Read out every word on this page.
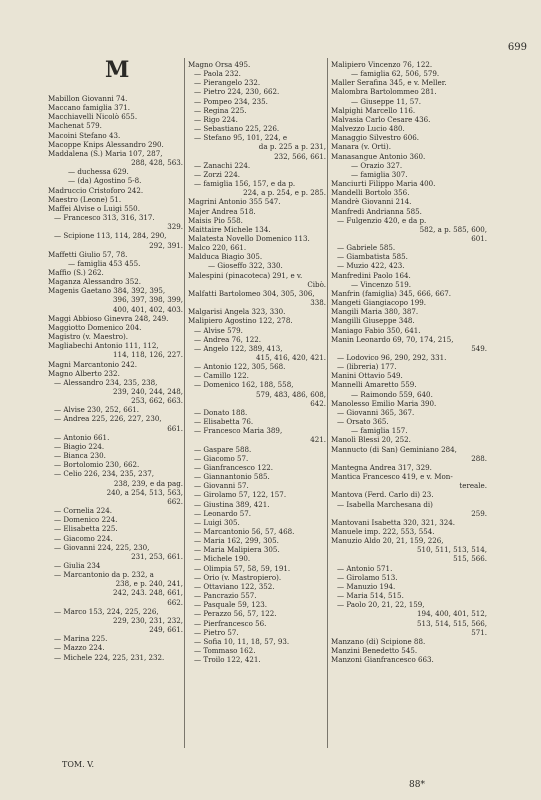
699
M
Mabillon Giovanni 74.
Maccano famiglia 371.
Macchiavelli Nicolò 655.
Machenat 579.
Macoini Stefano 43.
Macoppe Knips Alessandro 290.
Maddalena (S.) Maria 107, 287,
288, 428, 563.
— duchessa 629.
— (da) Agostino 5‑8.
Madruccio Cristoforo 242.
Maestro (Leone) 51.
Maffei Alvise o Luigi 550.
— Francesco 313, 316, 317.
329.
— Scipione 113, 114, 284, 290,
292, 391.
Maffetti Giulio 57, 78.
— famiglia 453 455.
Maffio (S.) 262.
Maganza Alessandro 352.
Magenis Gaetano 384, 392, 395,
396, 397, 398, 399,
400, 401, 402, 403.
Maggi Abbioso Ginevra 248, 249.
Maggiotto Domenico 204.
Magistro (v. Maestro).
Magliabechi Antonio 111, 112,
114, 118, 126, 227.
Magni Marcantonio 242.
Magno Alberto 232.
— Alessandro 234, 235, 238,
239, 240, 244, 248,
253, 662, 663.
— Alvise 230, 252, 661.
— Andrea 225, 226, 227, 230,
661.
— Antonio 661.
— Biagio 224.
— Bianca 230.
— Bortolomio 230, 662.
— Celio 226, 234, 235, 237,
238, 239, e da pag.
240, a 254, 513, 563,
662.
— Cornelia 224.
— Domenico 224.
— Elisabetta 225.
— Giacomo 224.
— Giovanni 224, 225, 230,
231, 253, 661.
— Giulia 234
— Marcantonio da p. 232, a
238, e p. 240, 241,
242, 243. 248, 661,
662.
— Marco 153, 224, 225, 226,
229, 230, 231, 232,
249, 661.
— Marina 225.
— Mazzo 224.
— Michele 224, 225, 231, 232.
Magno Orsa 495.
— Paola 232.
— Pierangelo 232.
— Pietro 224, 230, 662.
— Pompeo 234, 235.
— Regina 225.
— Rigo 224.
— Sebastiano 225, 226.
— Stefano 95, 101, 224, e
da p. 225 a p. 231,
232, 566, 661.
— Zanachi 224.
— Zorzi 224.
— famiglia 156, 157, e da p.
224, a p. 254, e p. 285.
Magrini Antonio 355 547.
Majer Andrea 518.
Maisis Pio 558.
Maittaire Michele 134.
Malatesta Novello Domenico 113.
Malco 220, 661.
Malduca Biagio 305.
— Gioseffo 322, 330.
Malespini (pinacoteca) 291, e v.
Cibò.
Malfatti Bartolomeo 304, 305, 306,
338.
Malgarisi Angela 323, 330.
Malipiero Agostino 122, 278.
— Alvise 579.
— Andrea 76, 122.
— Angelo 122, 389, 413,
415, 416, 420, 421.
— Antonio 122, 305, 568.
— Camillo 122.
— Domenico 162, 188, 558,
579, 483, 486, 608,
642.
— Donato 188.
— Elisabetta 76.
— Francesco Maria 389,
421.
— Gaspare 588.
— Giacomo 57.
— Gianfrancesco 122.
— Giannantonio 585.
— Giovanni 57.
— Girolamo 57, 122, 157.
— Giustina 389, 421.
— Leonardo 57.
— Luigi 305.
— Marcantonio 56, 57, 468.
— Maria 162, 299, 305.
— Maria Malipiera 305.
— Michele 190.
— Olimpia 57, 58, 59, 191.
— Orio (v. Mastropiero).
— Ottaviano 122, 352.
— Pancrazio 557.
— Pasquale 59, 123.
— Perazzo 56, 57, 122.
— Pierfrancesco 56.
— Pietro 57.
— Sofia 10, 11, 18, 57, 93.
— Tommaso 162.
— Troilo 122, 421.
Malipiero Vincenzo 76, 122.
— famiglia 62, 506, 579.
Maller Serafina 345, e v. Meller.
Malombra Bartolommeo 281.
— Giuseppe 11, 57.
Malpighi Marcello 116.
Malvasia Carlo Cesare 436.
Malvezzo Lucio 480.
Managgio Silvestro 606.
Manara (v. Orti).
Manasangue Antonio 360.
— Orazio 327.
— famiglia 307.
Manciurti Filippo Maria 400.
Mandelli Bortolo 356.
Mandrè Giovanni 214.
Manfredi Andrianna 585.
— Fulgenzio 420, e da p.
582, a p. 585, 600,
601.
— Gabriele 585.
— Giambatista 585.
— Muzio 422, 423.
Manfredini Paolo 164.
— Vincenzo 519.
Manfrin (famiglia) 345, 666, 667.
Mangeti Giangiacopo 199.
Mangili Maria 380, 387.
Mangilli Giuseppe 348.
Maniago Fabio 350, 641.
Manin Leonardo 69, 70, 174, 215,
549.
— Lodovico 96, 290, 292, 331.
— (libreria) 177.
Manini Ottavio 549.
Mannelli Amaretto 559.
— Raimondo 559, 640.
Manolesso Emilio Maria 390.
— Giovanni 365, 367.
— Orsato 365.
— famiglia 157.
Manolì Blessi 20, 252.
Mannucto (di San) Geminiano 284,
288.
Mantegna Andrea 317, 329.
Mantica Francesco 419, e v. Mon-
tereale.
Mantova (Ferd. Carlo di) 23.
— Isabella Marchesana di)
259.
Mantovani Isabetta 320, 321, 324.
Manuele imp. 222, 553, 554.
Manuzio Aldo 20, 21, 159, 226,
510, 511, 513, 514,
515, 566.
— Antonio 571.
— Girolamo 513.
— Manuzio 194.
— Maria 514, 515.
— Paolo 20, 21, 22, 159,
194, 400, 401, 512,
513, 514, 515, 566,
571.
Manzano (di) Scipione 88.
Manzini Benedetto 545.
Manzoni Gianfrancesco 663.
TOM. V.
88*
